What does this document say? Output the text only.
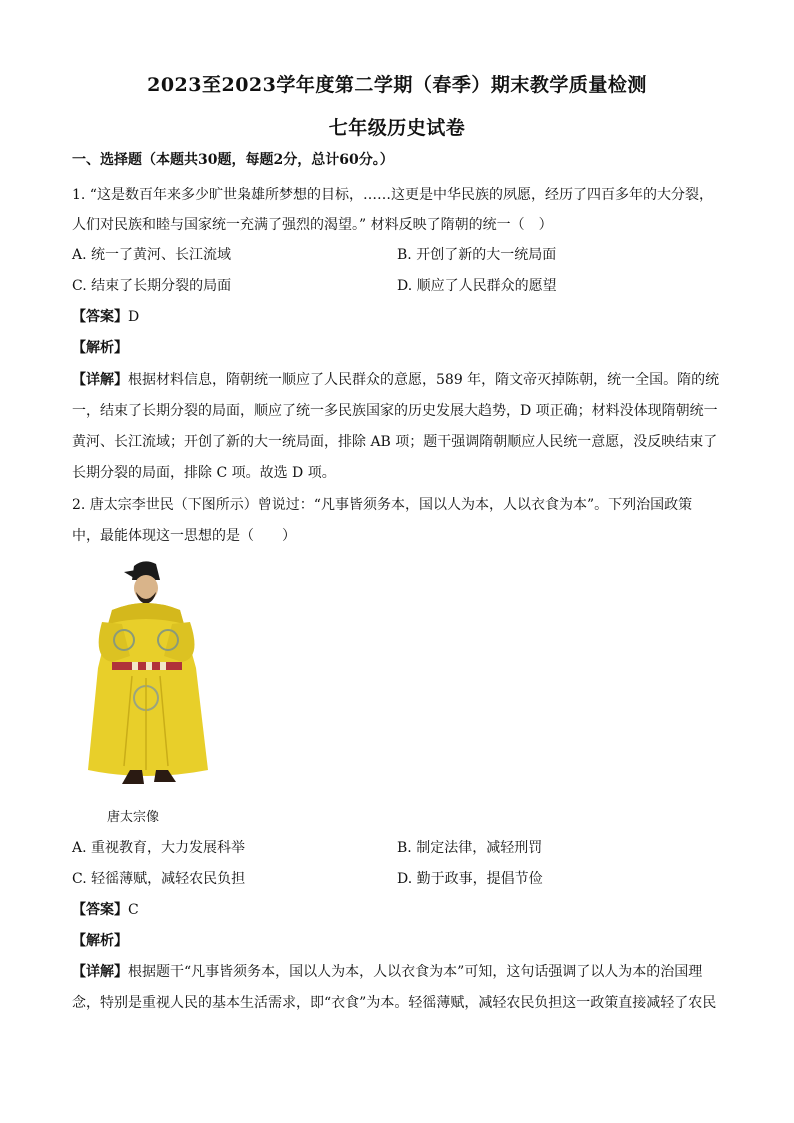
2023至2023学年度第二学期（春季）期末教学质量检测
七年级历史试卷
一、选择题（本题共30题，每题2分，总计60分。）
1. “这是数百年来多少旷世枭雄所梦想的目标，……这更是中华民族的夙愿，经历了四百多年的大分裂，
人们对民族和睦与国家统一充满了强烈的渴望。” 材料反映了隋朝的统一（　）
A. 统一了黄河、长江流域	B. 开创了新的大一统局面
C. 结束了长期分裂的局面	D. 顺应了人民群众的愿望
【答案】D
【解析】
【详解】根据材料信息，隋朝统一顺应了人民群众的意愿，589 年，隋文帝灭掉陈朝，统一全国。隋的统
一，结束了长期分裂的局面，顺应了统一多民族国家的历史发展大趋势，D 项正确；材料没体现隋朝统一
黄河、长江流域；开创了新的大一统局面，排除 AB 项；题干强调隋朝顺应人民统一意愿，没反映结束了
长期分裂的局面，排除 C 项。故选 D 项。
2. 唐太宗李世民（下图所示）曾说过：“凡事皆须务本，国以人为本，人以衣食为本”。下列治国政策
中，最能体现这一思想的是（　　）
唐太宗像
A. 重视教育，大力发展科举	B. 制定法律，减轻刑罚
C. 轻徭薄赋，减轻农民负担	D. 勤于政事，提倡节俭
【答案】C
【解析】
【详解】根据题干“凡事皆须务本，国以人为本，人以衣食为本”可知，这句话强调了以人为本的治国理
念，特别是重视人民的基本生活需求，即“衣食”为本。轻徭薄赋，减轻农民负担这一政策直接减轻了农民
